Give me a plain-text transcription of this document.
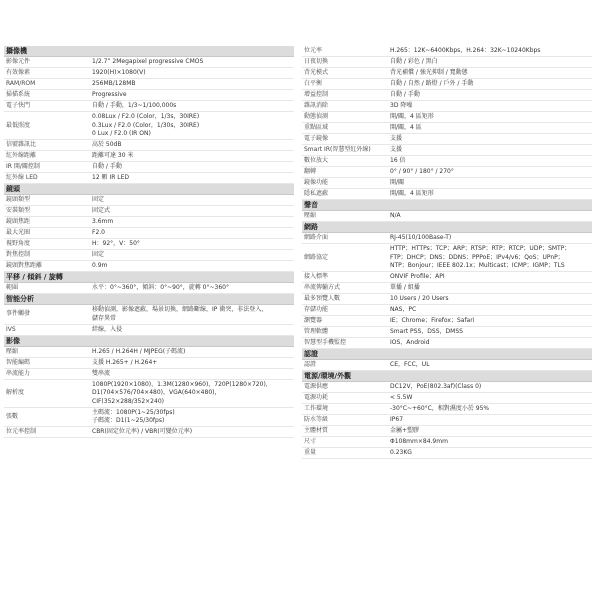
攝像機
影像元件	1/2.7” 2Megapixel progressive CMOS
有效像素	1920(H)×1080(V)
RAM/ROM	256MB/128MB
掃描系統	Progressive
電子快門	自動 / 手動，1/3~1/100,000s
最低照度
0.08Lux / F2.0 (Color，1/3s，30IRE)
0.3Lux / F2.0 (Color，1/30s，30IRE)
0 Lux / F2.0 (IR ON)
信號雜訊比	高於 50dB
紅外線距離	距離可達 30 米
IR 開/關控制	自動 / 手動
紅外線 LED	12 顆 IR LED
鏡頭
鏡頭類型	固定
安裝類型	固定式
鏡頭焦距	3.6mm
最大光圈	F2.0
視野角度	H：92°，V：50°
對焦控制	固定
鏡頭對焦距離	0.9m
平移 / 傾斜 / 旋轉
範圍	水平：0°~360°，傾斜：0°~90°，旋轉 0°~360°
智能分析
事件觸發
移動偵測，影像遮蔽，場景切換，網路斷線，IP 衝突，非法登入，
儲存異常
IVS	絆線，入侵
影像
壓縮	H.265 / H.264H / MJPEG(子碼流)
智能編碼	支援 H.265+ / H.264+
串流能力	雙串流
解析度
1080P(1920×1080)，1.3M(1280×960)，720P(1280×720)，
D1(704×576/704×480)，VGA(640×480)，
CIF(352×288/352×240)
張數
主碼流：1080P(1~25/30fps)
子碼流：D1(1~25/30fps)
位元率控制	CBR(固定位元率) / VBR(可變位元率)
位元率	H.265：12K~6400Kbps，H.264：32K~10240Kbps
日夜切換	自動 / 彩色 / 黑白
背光模式	背光補償 / 強光抑制 / 寬動態
白平衡	自動 / 自然 / 路燈 / 戶外 / 手動
增益控制	自動 / 手動
雜訊消除	3D 降噪
動態偵測	開/關，4 區矩形
重點區域	開/關，4 區
電子鏡像	支援
Smart IR(智慧型紅外線)	支援
數位放大	16 倍
翻轉	0° / 90° / 180° / 270°
鏡像功能	開/關
隱私遮蔽	開/關，4 區矩形
聲音
壓縮	N/A
網路
網路介面	RJ-45(10/100Base-T)
網路協定
HTTP；HTTPs；TCP；ARP；RTSP；RTP；RTCP；UDP；SMTP；
FTP；DHCP；DNS；DDNS；PPPoE；IPv4/v6；QoS；UPnP；
NTP；Bonjour；IEEE 802.1x；Multicast；ICMP；IGMP；TLS
接入標準	ONVIF Profile；API
串流傳輸方式	單播 / 組播
最多預覽人數	10 Users / 20 Users
存儲功能	NAS，PC
瀏覽器	IE；Chrome；Firefox；Safari
管理軟體	Smart PSS，DSS，DMSS
智慧型手機監控	IOS，Android
認證
認證	CE，FCC，UL
電源/環境/外觀
電源供應	DC12V，PoE(802.3af)(Class 0)
電源功耗	< 5.5W
工作環境	-30°C~+60°C，相對濕度小於 95%
防水等級	IP67
主體材質	金屬+塑膠
尺寸	Φ108mm×84.9mm
重量	0.23KG
